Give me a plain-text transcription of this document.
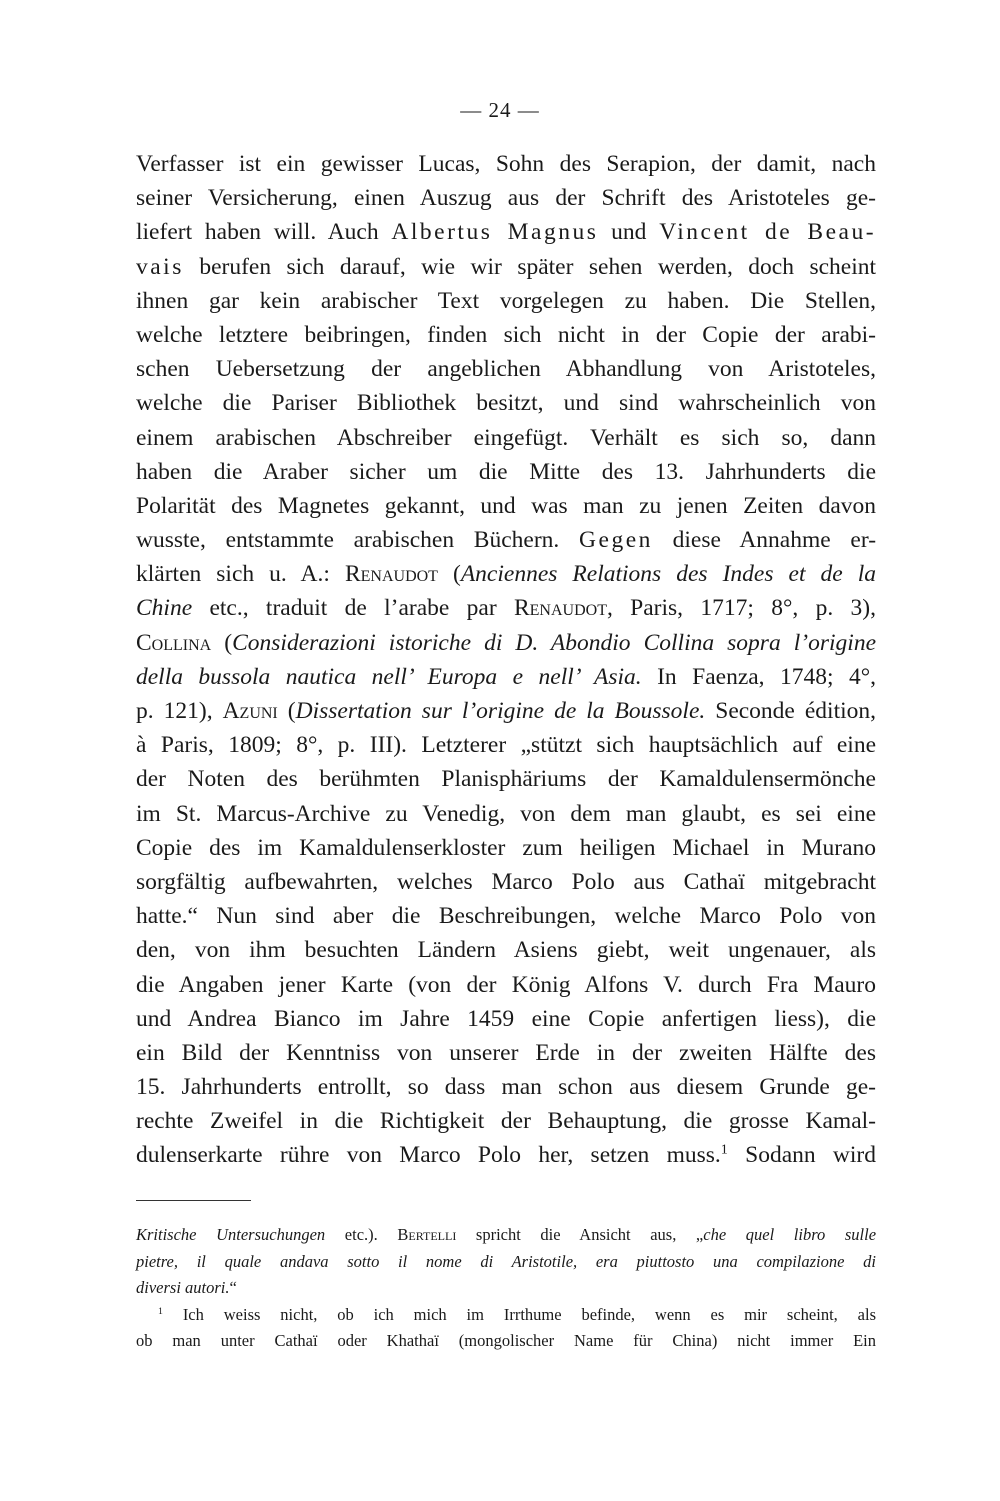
— 24 —
Verfasser ist ein gewisser Lucas, Sohn des Serapion, der damit, nach
seiner Versicherung, einen Auszug aus der Schrift des Aristoteles ge-
liefert haben will. Auch Albertus Magnus und Vincent de Beau-
vais berufen sich darauf, wie wir später sehen werden, doch scheint
ihnen gar kein arabischer Text vorgelegen zu haben. Die Stellen,
welche letztere beibringen, finden sich nicht in der Copie der arabi-
schen Uebersetzung der angeblichen Abhandlung von Aristoteles,
welche die Pariser Bibliothek besitzt, und sind wahrscheinlich von
einem arabischen Abschreiber eingefügt. Verhält es sich so, dann
haben die Araber sicher um die Mitte des 13. Jahrhunderts die
Polarität des Magnetes gekannt, und was man zu jenen Zeiten davon
wusste, entstammte arabischen Büchern. Gegen diese Annahme er-
klärten sich u. A.: Renaudot (Anciennes Relations des Indes et de la
Chine etc., traduit de l’arabe par Renaudot, Paris, 1717; 8°, p. 3),
Collina (Considerazioni istoriche di D. Abondio Collina sopra l’origine
della bussola nautica nell’ Europa e nell’ Asia. In Faenza, 1748; 4°,
p. 121), Azuni (Dissertation sur l’origine de la Boussole. Seconde édition,
à Paris, 1809; 8°, p. III). Letzterer „stützt sich hauptsächlich auf eine
der Noten des berühmten Planisphäriums der Kamaldulensermönche
im St. Marcus-Archive zu Venedig, von dem man glaubt, es sei eine
Copie des im Kamaldulenserkloster zum heiligen Michael in Murano
sorgfältig aufbewahrten, welches Marco Polo aus Cathaï mitgebracht
hatte.“ Nun sind aber die Beschreibungen, welche Marco Polo von
den, von ihm besuchten Ländern Asiens giebt, weit ungenauer, als
die Angaben jener Karte (von der König Alfons V. durch Fra Mauro
und Andrea Bianco im Jahre 1459 eine Copie anfertigen liess), die
ein Bild der Kenntniss von unserer Erde in der zweiten Hälfte des
15. Jahrhunderts entrollt, so dass man schon aus diesem Grunde ge-
rechte Zweifel in die Richtigkeit der Behauptung, die grosse Kamal-
dulenserkarte rühre von Marco Polo her, setzen muss.$^1$ Sodann wird
Kritische Untersuchungen etc.). Bertelli spricht die Ansicht aus, „che quel libro sulle
pietre, il quale andava sotto il nome di Aristotile, era piuttosto una compilazione di
diversi autori.“
$^1$ Ich weiss nicht, ob ich mich im Irrthume befinde, wenn es mir scheint, als
ob man unter Cathaï oder Khathaï (mongolischer Name für China) nicht immer Ein
